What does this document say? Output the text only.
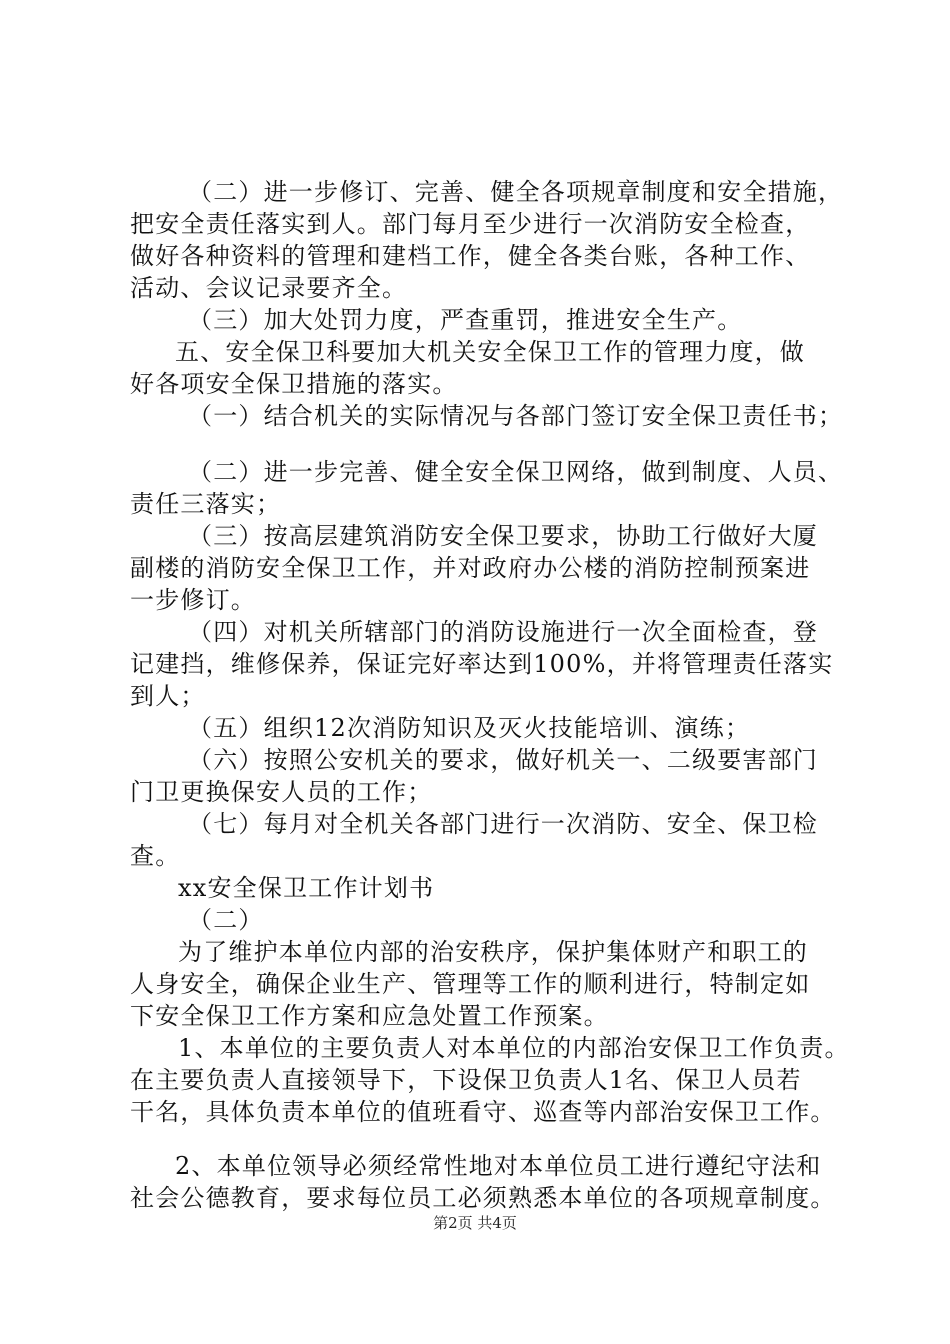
（二）进一步修订、完善、健全各项规章制度和安全措施，
把安全责任落实到人。部门每月至少进行一次消防安全检查，
做好各种资料的管理和建档工作，健全各类台账，各种工作、
活动、会议记录要齐全。
（三）加大处罚力度，严查重罚，推进安全生产。
五、安全保卫科要加大机关安全保卫工作的管理力度，做
好各项安全保卫措施的落实。
（一）结合机关的实际情况与各部门签订安全保卫责任书；
（二）进一步完善、健全安全保卫网络，做到制度、人员、
责任三落实；
（三）按高层建筑消防安全保卫要求，协助工行做好大厦
副楼的消防安全保卫工作，并对政府办公楼的消防控制预案进
一步修订。
（四）对机关所辖部门的消防设施进行一次全面检查，登
记建挡，维修保养，保证完好率达到100%，并将管理责任落实
到人；
（五）组织12次消防知识及灭火技能培训、演练；
（六）按照公安机关的要求，做好机关一、二级要害部门
门卫更换保安人员的工作；
（七）每月对全机关各部门进行一次消防、安全、保卫检
查。
xx安全保卫工作计划书
（二）
为了维护本单位内部的治安秩序，保护集体财产和职工的
人身安全，确保企业生产、管理等工作的顺利进行，特制定如
下安全保卫工作方案和应急处置工作预案。
1、本单位的主要负责人对本单位的内部治安保卫工作负责。
在主要负责人直接领导下，下设保卫负责人1名、保卫人员若
干名，具体负责本单位的值班看守、巡查等内部治安保卫工作。
2、本单位领导必须经常性地对本单位员工进行遵纪守法和
社会公德教育，要求每位员工必须熟悉本单位的各项规章制度。
第2页 共4页
